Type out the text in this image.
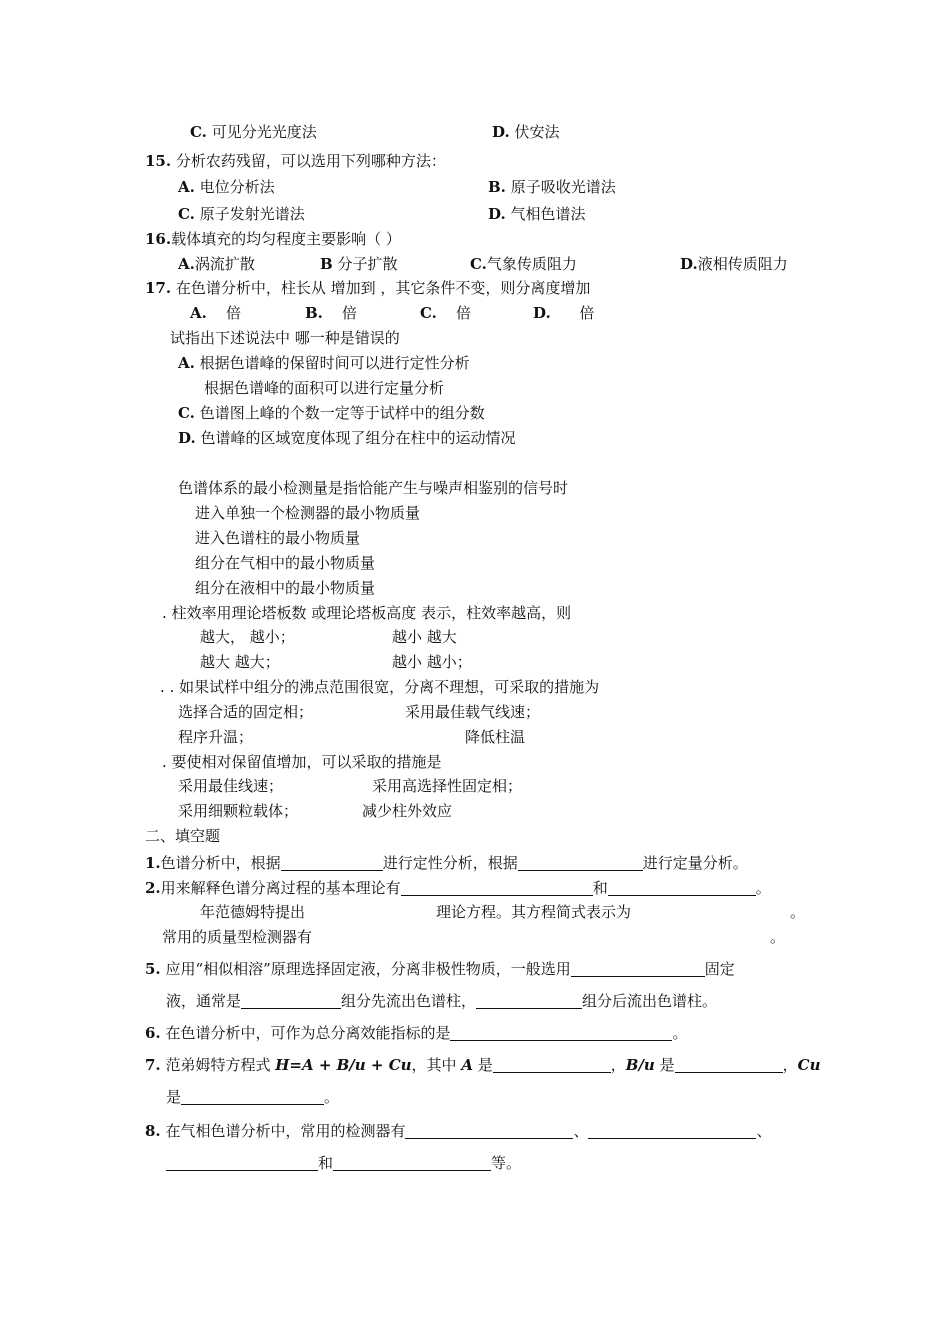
C. 可见分光光度法	D. 伏安法
15. 分析农药残留，可以选用下列哪种方法：
A. 电位分析法	B. 原子吸收光谱法
C. 原子发射光谱法	D. 气相色谱法
16.载体填充的均匀程度主要影响（ ）
A.涡流扩散	B 分子扩散	C.气象传质阻力	D.液相传质阻力
17. 在色谱分析中，柱长从 增加到 ，其它条件不变，则分离度增加
A. 倍	B. 倍	C. 倍	D. 倍
试指出下述说法中 哪一种是错误的
A. 根据色谱峰的保留时间可以进行定性分析
根据色谱峰的面积可以进行定量分析
C. 色谱图上峰的个数一定等于试样中的组分数
D. 色谱峰的区域宽度体现了组分在柱中的运动情况
色谱体系的最小检测量是指恰能产生与噪声相鉴别的信号时
进入单独一个检测器的最小物质量
进入色谱柱的最小物质量
组分在气相中的最小物质量
组分在液相中的最小物质量
. 柱效率用理论塔板数 或理论塔板高度 表示，柱效率越高，则
越大， 越小；	越小 越大
越大 越大；	越小 越小；
. . 如果试样中组分的沸点范围很宽，分离不理想，可采取的措施为
选择合适的固定相；	采用最佳载气线速；
程序升温；	降低柱温
. 要使相对保留值增加，可以采取的措施是
采用最佳线速；	采用高选择性固定相；
采用细颗粒载体；	减少柱外效应
二、填空题
1.色谱分析中，根据	进行定性分析，根据	进行定量分析。
2.用来解释色谱分离过程的基本理论有	和	。
年范德姆特提出	理论方程。其方程简式表示为	。
常用的质量型检测器有	。
5. 应用“相似相溶”原理选择固定液，分离非极性物质，一般选用	固定
液，通常是	组分先流出色谱柱，	组分后流出色谱柱。
6. 在色谱分析中，可作为总分离效能指标的是	。
7. 范弟姆特方程式 H=A + B/u + Cu，其中 A 是	，B/u 是	，Cu
是	。
8. 在气相色谱分析中，常用的检测器有	、	、
和	等。
